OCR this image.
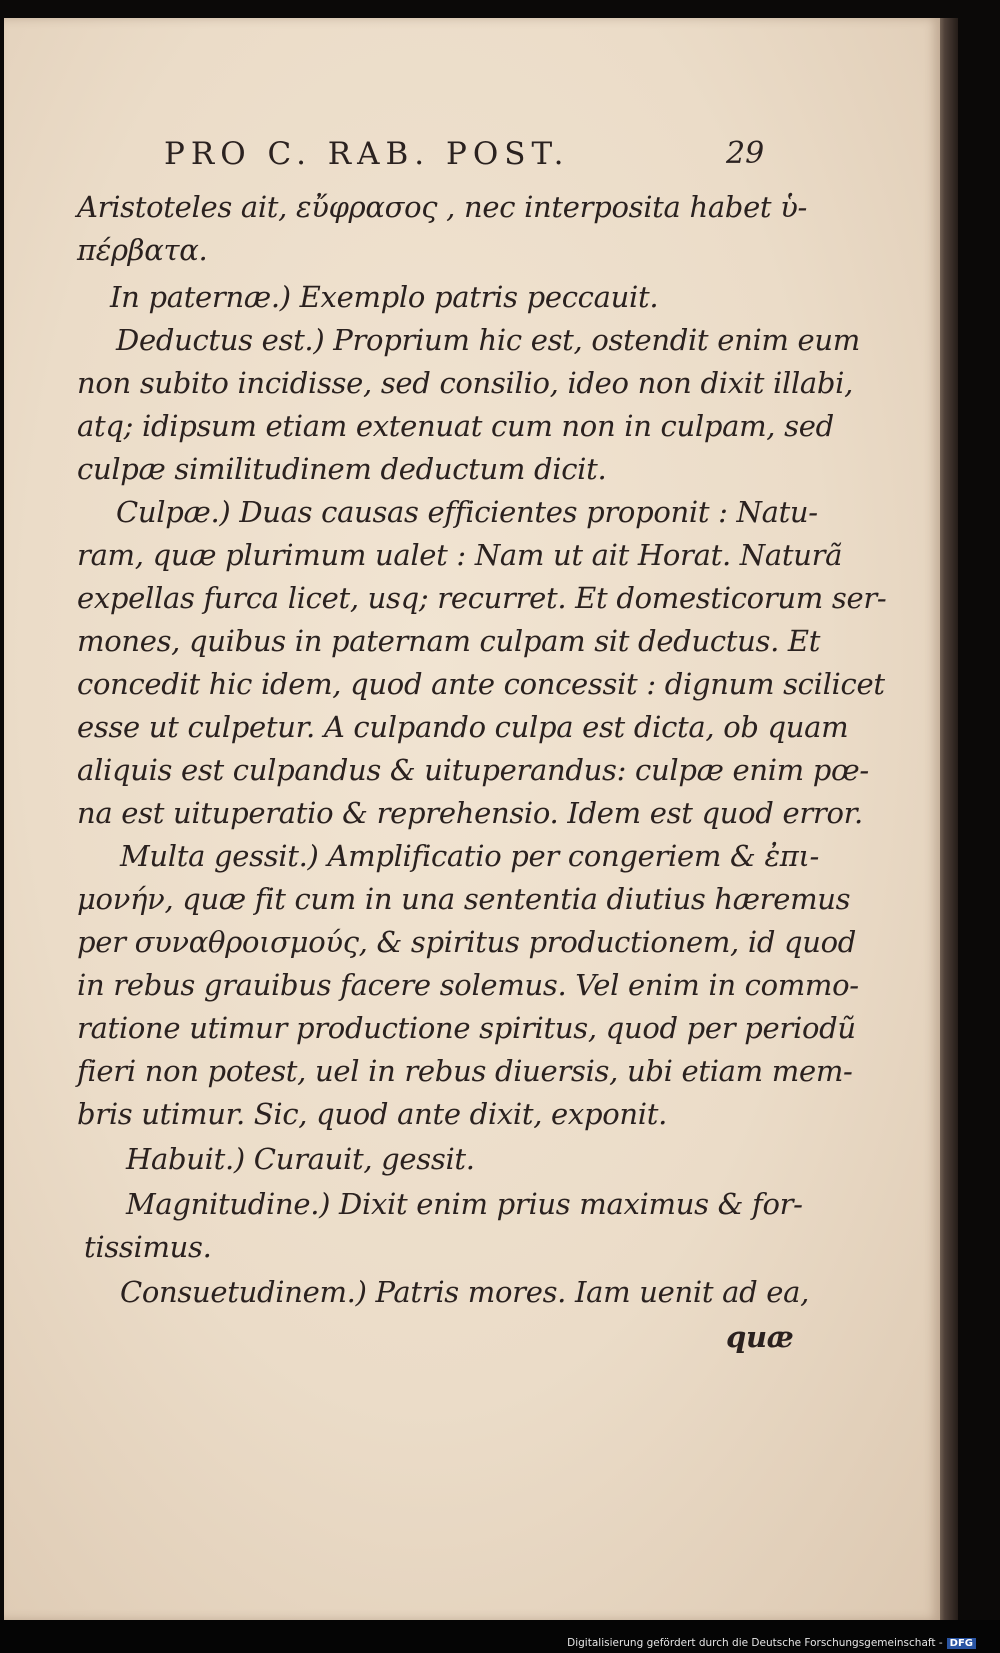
PRO C. RAB. POST.	29
Aristoteles ait, εὔφρασος , nec interposita habet ὑ-
πέρβατα.
In paternæ.) Exemplo patris peccauit.
Deductus est.) Proprium hic est, ostendit enim eum
non subito incidisse, sed consilio, ideo non dixit illabi,
atq; idipsum etiam extenuat cum non in culpam, sed
culpæ similitudinem deductum dicit.
Culpæ.) Duas causas efficientes proponit : Natu-
ram, quæ plurimum ualet : Nam ut ait Horat. Naturã
expellas furca licet, usq; recurret. Et domesticorum ser-
mones, quibus in paternam culpam sit deductus. Et
concedit hic idem, quod ante concessit : dignum scilicet
esse ut culpetur. A culpando culpa est dicta, ob quam
aliquis est culpandus & uituperandus: culpæ enim pœ-
na est uituperatio & reprehensio. Idem est quod error.
Multa gessit.) Amplificatio per congeriem & ἐπι-
μονήν, quæ fit cum in una sententia diutius hæremus
per συναθροισμούς, & spiritus productionem, id quod
in rebus grauibus facere solemus. Vel enim in commo-
ratione utimur productione spiritus, quod per periodũ
fieri non potest, uel in rebus diuersis, ubi etiam mem-
bris utimur. Sic, quod ante dixit, exponit.
Habuit.) Curauit, gessit.
Magnitudine.) Dixit enim prius maximus & for-
tissimus.
Consuetudinem.) Patris mores. Iam uenit ad ea,
quæ
Digitalisierung gefördert durch die Deutsche Forschungsgemeinschaft - DFG
